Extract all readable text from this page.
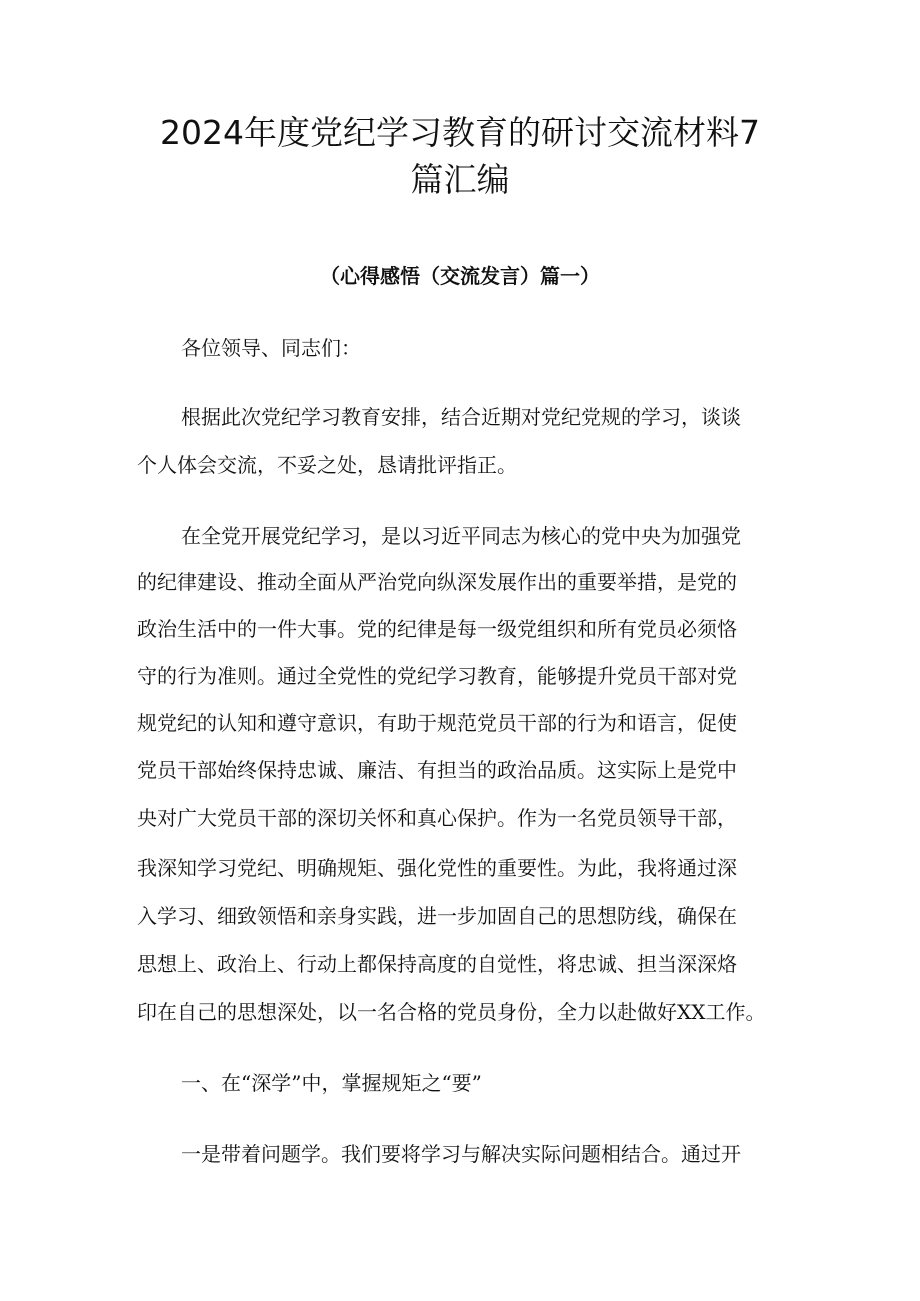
2024年度党纪学习教育的研讨交流材料7
篇汇编
（心得感悟（交流发言）篇一）
各位领导、同志们：
根据此次党纪学习教育安排，结合近期对党纪党规的学习，谈谈
个人体会交流，不妥之处，恳请批评指正。
在全党开展党纪学习，是以习近平同志为核心的党中央为加强党
的纪律建设、推动全面从严治党向纵深发展作出的重要举措，是党的
政治生活中的一件大事。党的纪律是每一级党组织和所有党员必须恪
守的行为准则。通过全党性的党纪学习教育，能够提升党员干部对党
规党纪的认知和遵守意识，有助于规范党员干部的行为和语言，促使
党员干部始终保持忠诚、廉洁、有担当的政治品质。这实际上是党中
央对广大党员干部的深切关怀和真心保护。作为一名党员领导干部，
我深知学习党纪、明确规矩、强化党性的重要性。为此，我将通过深
入学习、细致领悟和亲身实践，进一步加固自己的思想防线，确保在
思想上、政治上、行动上都保持高度的自觉性，将忠诚、担当深深烙
印在自己的思想深处，以一名合格的党员身份，全力以赴做好XX工作。
一、在“深学”中，掌握规矩之“要”
一是带着问题学。我们要将学习与解决实际问题相结合。通过开
